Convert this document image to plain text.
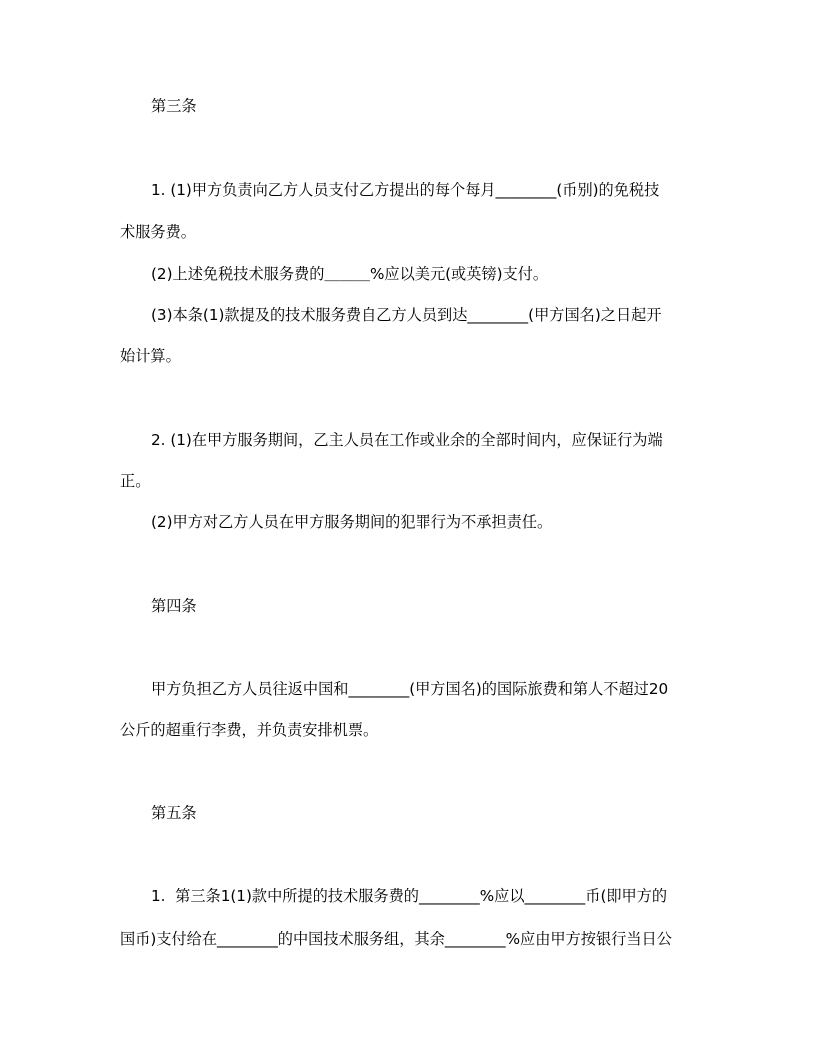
第三条
1. (1)甲方负责向乙方人员支付乙方提出的每个每月________(币别)的免税技
术服务费。
(2)上述免税技术服务费的＿＿＿%应以美元(或英镑)支付。
(3)本条(1)款提及的技术服务费自乙方人员到达________(甲方国名)之日起开
始计算。
2. (1)在甲方服务期间，乙主人员在工作或业余的全部时间内，应保证行为端
正。
(2)甲方对乙方人员在甲方服务期间的犯罪行为不承担责任。
第四条
甲方负担乙方人员往返中国和________(甲方国名)的国际旅费和第人不超过20
公斤的超重行李费，并负责安排机票。
第五条
1.  第三条1(1)款中所提的技术服务费的________%应以________币(即甲方的
国币)支付给在________的中国技术服务组，其余________%应由甲方按银行当日公
